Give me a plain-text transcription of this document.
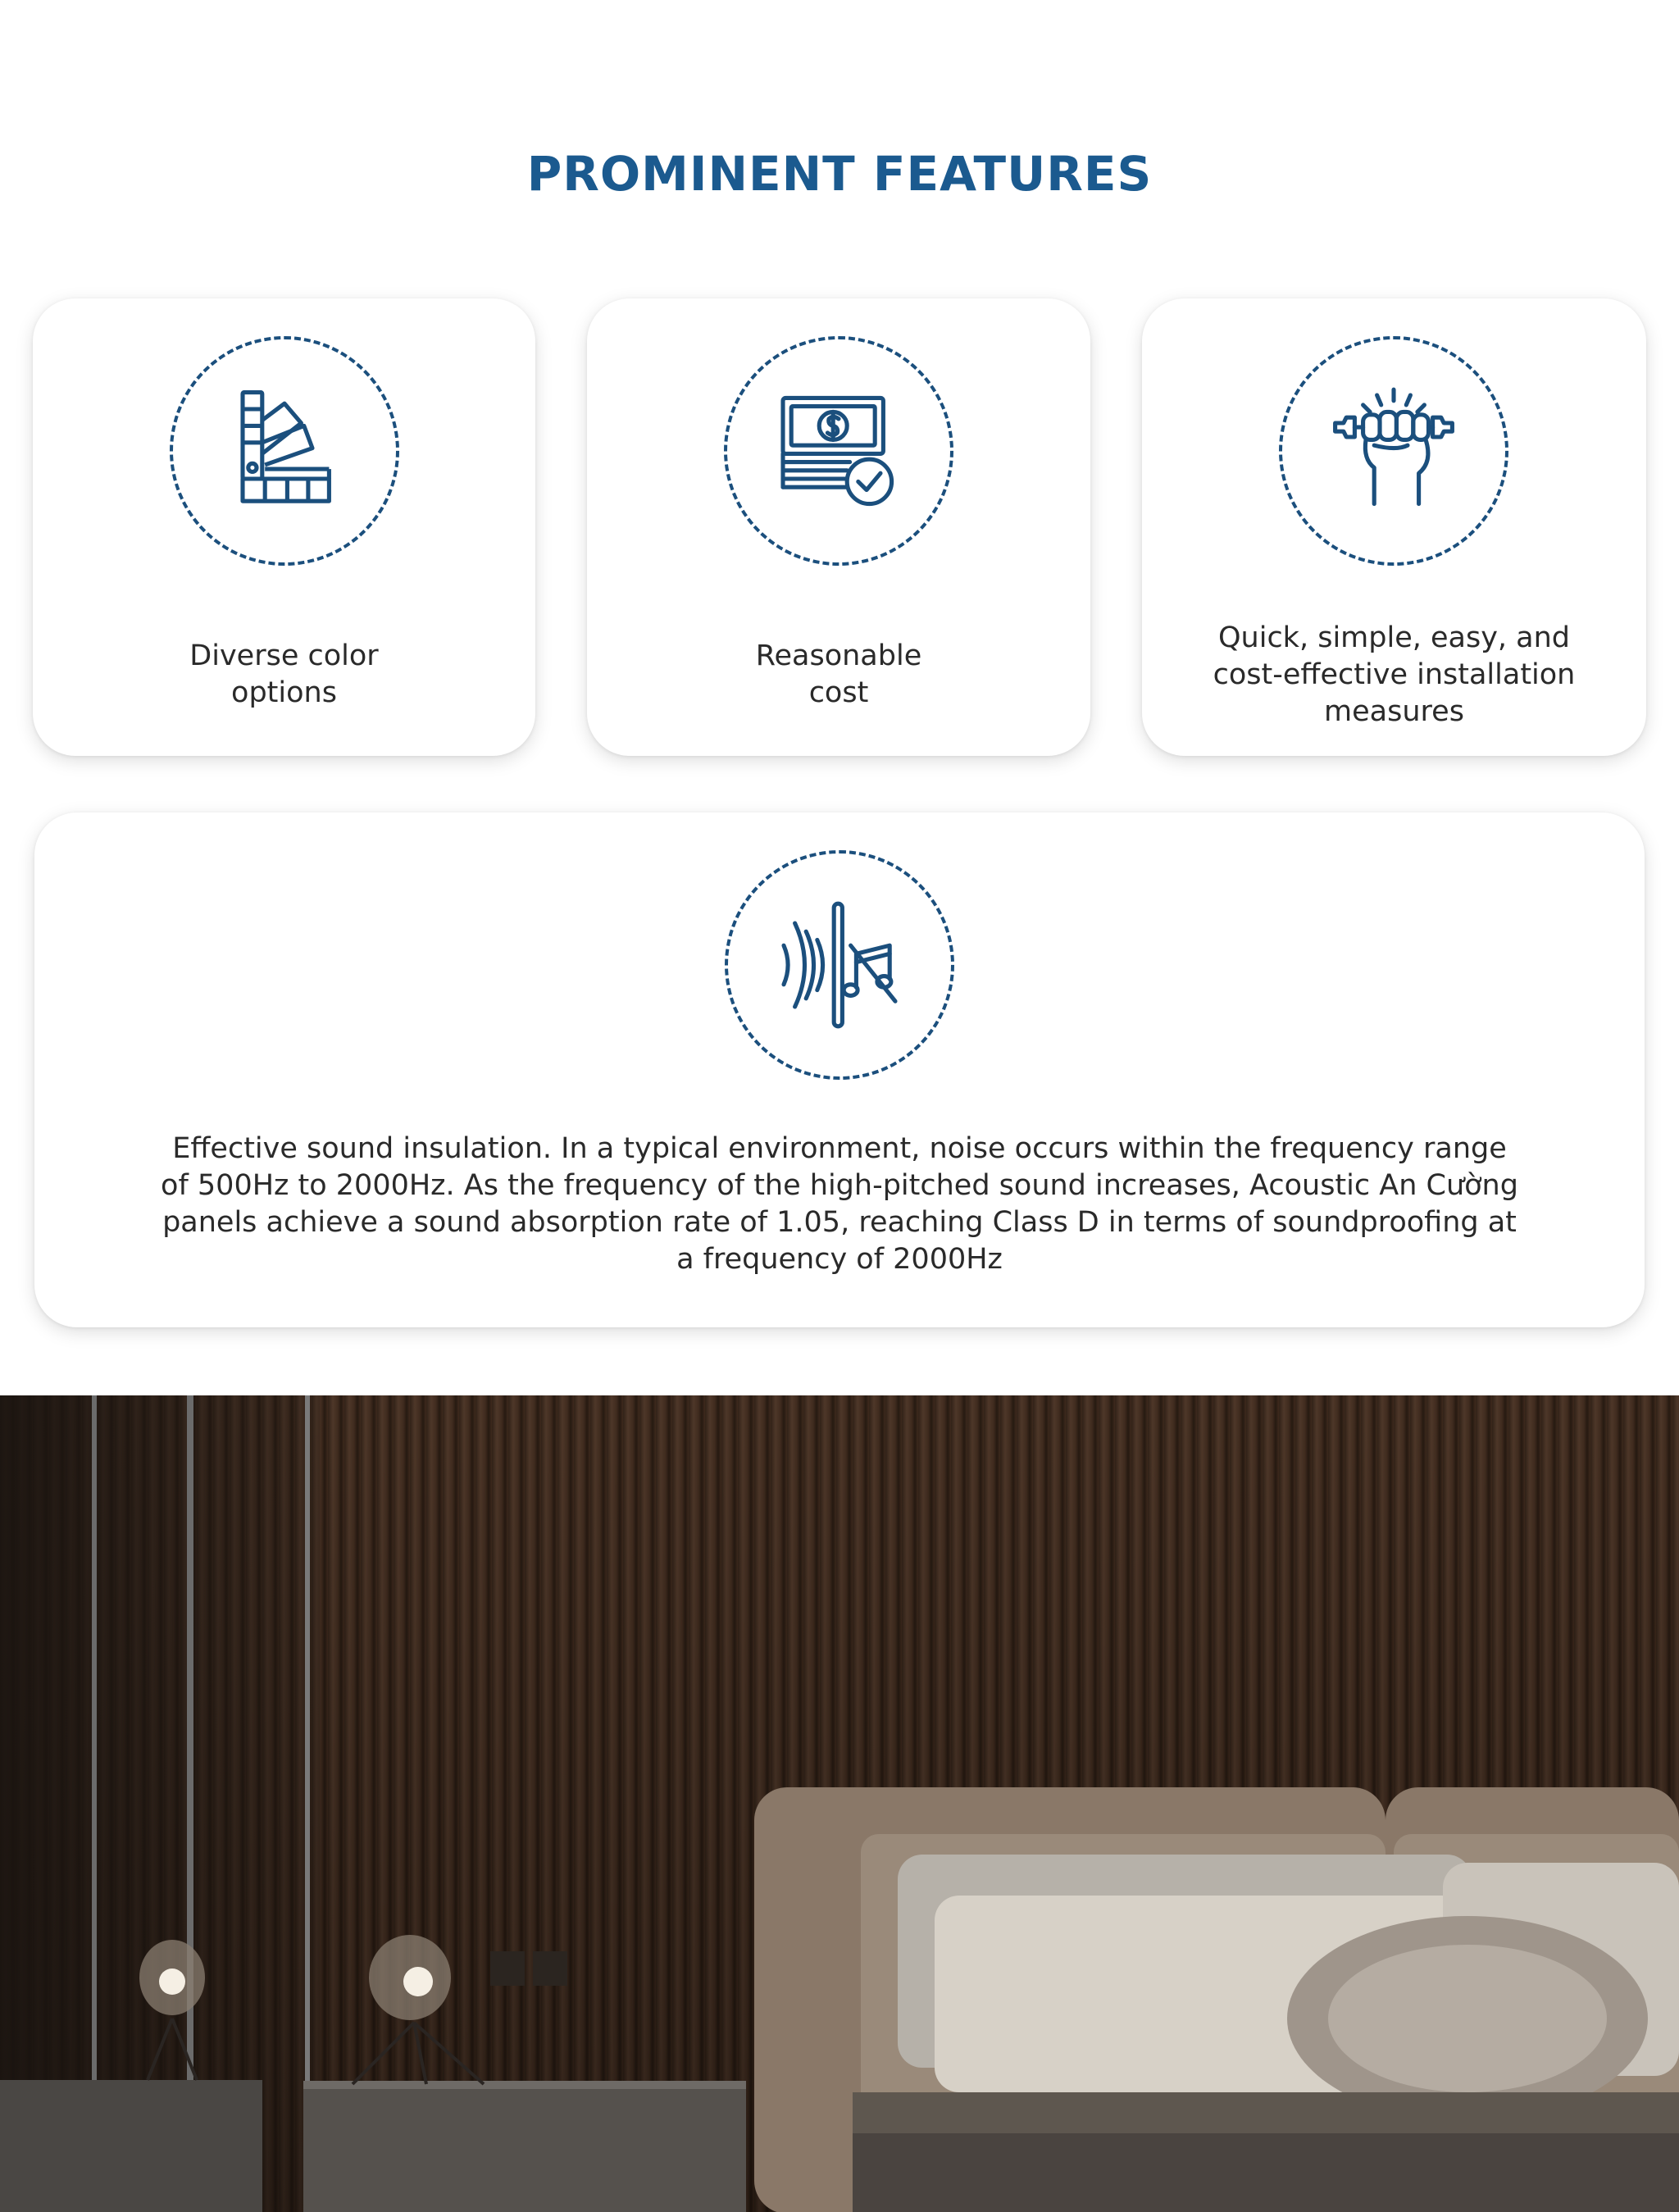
PROMINENT FEATURES

Diverse color
options

Reasonable
cost

Quick, simple, easy, and
cost-effective installation
measures

Effective sound insulation. In a typical environment, noise occurs within the frequency range of 500Hz to 2000Hz. As the frequency of the high-pitched sound increases, Acoustic An Cường panels achieve a sound absorption rate of 1.05, reaching Class D in terms of soundproofing at a frequency of 2000Hz
